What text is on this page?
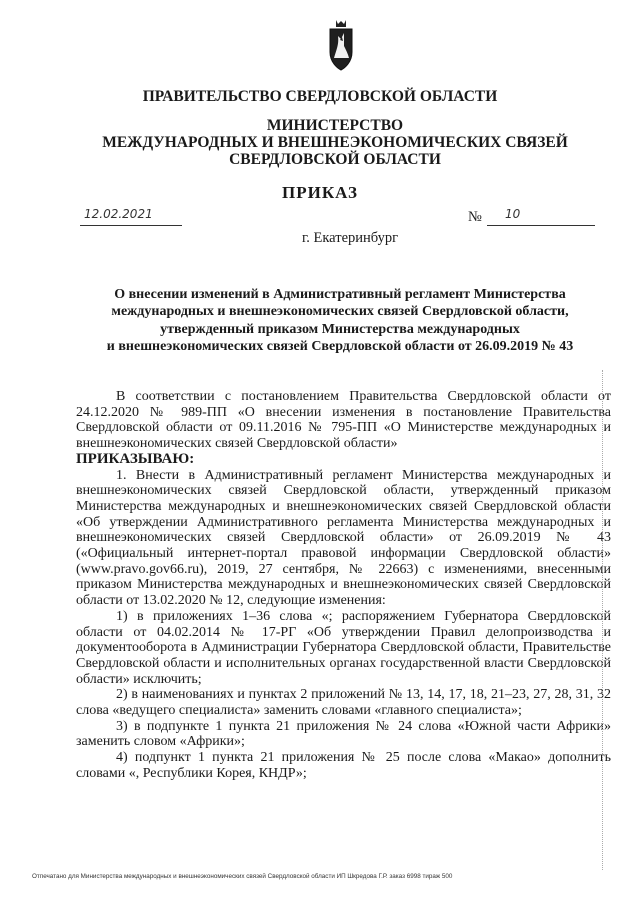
ПРАВИТЕЛЬСТВО СВЕРДЛОВСКОЙ ОБЛАСТИ
МИНИСТЕРСТВО
МЕЖДУНАРОДНЫХ И ВНЕШНЕЭКОНОМИЧЕСКИХ СВЯЗЕЙ
СВЕРДЛОВСКОЙ ОБЛАСТИ
ПРИКАЗ
12.02.2021	№ 10
г. Екатеринбург
О внесении изменений в Административный регламент Министерства
международных и внешнеэкономических связей Свердловской области,
утвержденный приказом Министерства международных
и внешнеэкономических связей Свердловской области от 26.09.2019 № 43

В соответствии с постановлением Правительства Свердловской области от 24.12.2020 № 989-ПП «О внесении изменения в постановление Правительства Свердловской области от 09.11.2016 № 795-ПП «О Министерстве международных и внешнеэкономических связей Свердловской области»

ПРИКАЗЫВАЮ:

1. Внести в Административный регламент Министерства международных и внешнеэкономических связей Свердловской области, утвержденный приказом Министерства международных и внешнеэкономических связей Свердловской области «Об утверждении Административного регламента Министерства международных и внешнеэкономических связей Свердловской области» от 26.09.2019 № 43 («Официальный интернет-портал правовой информации Свердловской области» (www.pravo.gov66.ru), 2019, 27 сентября, № 22663) с изменениями, внесенными приказом Министерства международных и внешнеэкономических связей Свердловской области от 13.02.2020 № 12, следующие изменения:

1) в приложениях 1–36 слова «; распоряжением Губернатора Свердловской области от 04.02.2014 № 17-РГ «Об утверждении Правил делопроизводства и документооборота в Администрации Губернатора Свердловской области, Правительстве Свердловской области и исполнительных органах государственной власти Свердловской области» исключить;

2) в наименованиях и пунктах 2 приложений № 13, 14, 17, 18, 21–23, 27, 28, 31, 32 слова «ведущего специалиста» заменить словами «главного специалиста»;

3) в подпункте 1 пункта 21 приложения № 24 слова «Южной части Африки» заменить словом «Африки»;

4) подпункт 1 пункта 21 приложения № 25 после слова «Макао» дополнить словами «, Республики Корея, КНДР»;

Отпечатано для Министерства международных и внешнеэкономических связей Свердловской области ИП Шкредова Г.Р. заказ 6998 тираж 500
